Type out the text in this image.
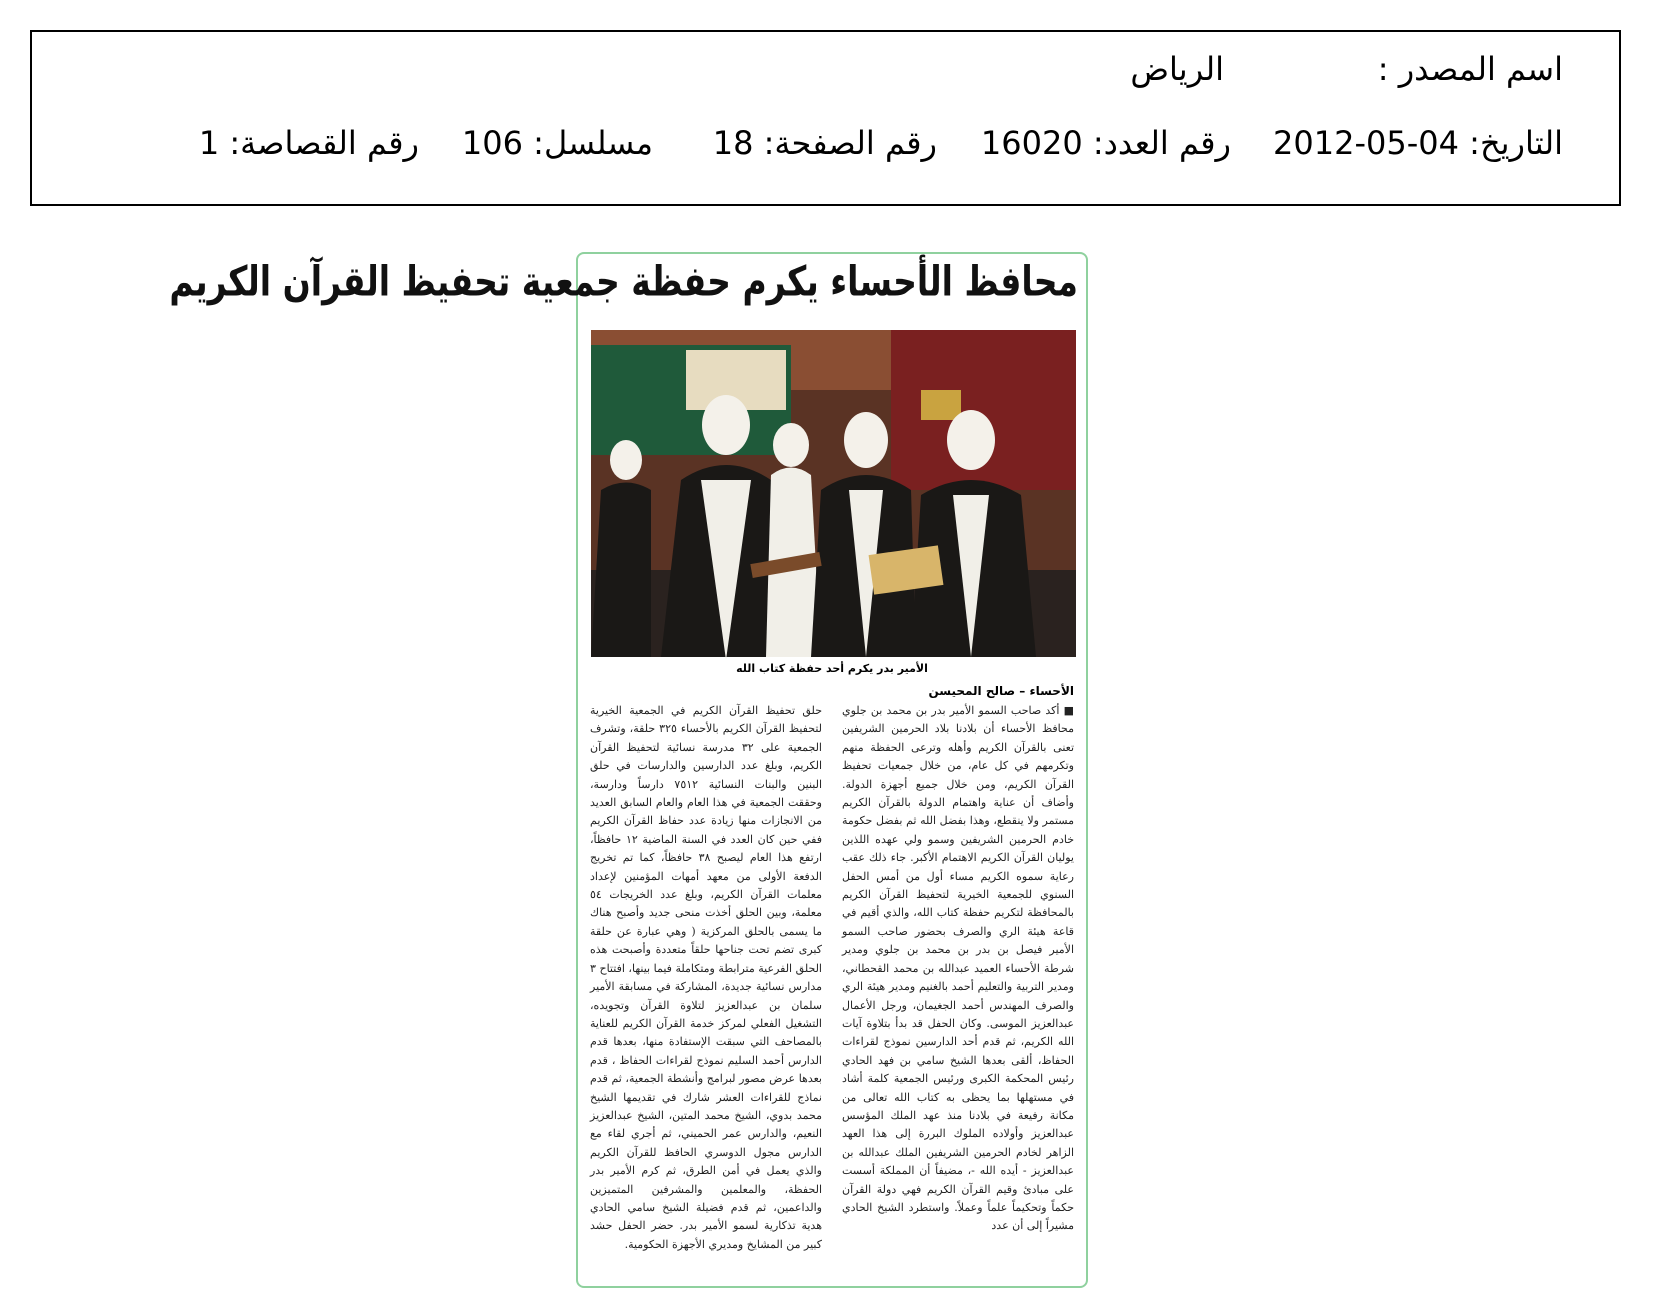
اسم المصدر :
الرياض
التاريخ: 04-05-2012
رقم العدد: 16020
رقم الصفحة: 18
مسلسل: 106
رقم القصاصة: 1
محافظ الأحساء يكرم حفظة جمعية تحفيظ القرآن الكريم
الأمير بدر يكرم أحد حفظة كتاب الله
الأحساء – صالح المحيسن

■ أكد صاحب السمو الأمير بدر بن محمد بن جلوي محافظ الأحساء أن بلادنا بلاد الحرمين الشريفين تعنى بالقرآن الكريم وأهله وترعى الحفظة منهم وتكرمهم في كل عام، من خلال جمعيات تحفيظ القرآن الكريم، ومن خلال جميع أجهزة الدولة. وأضاف أن عناية واهتمام الدولة بالقرآن الكريم مستمر ولا ينقطع، وهذا بفضل الله ثم بفضل حكومة خادم الحرمين الشريفين وسمو ولي عهده اللذين يوليان القرآن الكريم الاهتمام الأكبر. جاء ذلك عقب رعاية سموه الكريم مساء أول من أمس الحفل السنوي للجمعية الخيرية لتحفيظ القرآن الكريم بالمحافظة لتكريم حفظة كتاب الله، والذي أقيم في قاعة هيئة الري والصرف بحضور صاحب السمو الأمير فيصل بن بدر بن محمد بن جلوي ومدير شرطة الأحساء العميد عبدالله بن محمد القحطاني، ومدير التربية والتعليم أحمد بالغنيم ومدير هيئة الري والصرف المهندس أحمد الجغيمان، ورجل الأعمال عبدالعزيز الموسى. وكان الحفل قد بدأ بتلاوة آيات الله الكريم، ثم قدم أحد الدارسين نموذج لقراءات الحفاظ، ألقى بعدها الشيخ سامي بن فهد الحادي رئيس المحكمة الكبرى ورئيس الجمعية كلمة أشاد في مستهلها بما يحظى به كتاب الله تعالى من مكانة رفيعة في بلادنا منذ عهد الملك المؤسس عبدالعزيز وأولاده الملوك البررة إلى هذا العهد الزاهر لخادم الحرمين الشريفين الملك عبدالله بن عبدالعزيز - أيده الله -، مضيفاً أن المملكة أسست على مبادئ وقيم القرآن الكريم فهي دولة القرآن حكماً وتحكيماً علماً وعملاً. واستطرد الشيخ الحادي مشيراً إلى أن عدد

حلق تحفيظ القرآن الكريم في الجمعية الخيرية لتحفيظ القرآن الكريم بالأحساء ٣٢٥ حلقة، وتشرف الجمعية على ٣٢ مدرسة نسائية لتحفيظ القرآن الكريم، وبلغ عدد الدارسين والدارسات في حلق البنين والبنات النسائية ٧٥١٢ دارساً ودارسة، وحققت الجمعية في هذا العام والعام السابق العديد من الانجازات منها زيادة عدد حفاظ القرآن الكريم ففي حين كان العدد في السنة الماضية ١٢ حافظاً، ارتفع هذا العام ليصبح ٣٨ حافظاً، كما تم تخريج الدفعة الأولى من معهد أمهات المؤمنين لإعداد معلمات القرآن الكريم، وبلغ عدد الخريجات ٥٤ معلمة، وبين الحلق أخذت منحى جديد وأصبح هناك ما يسمى بالحلق المركزية ( وهي عبارة عن حلقة كبرى تضم تحت جناحها حلقاً متعددة وأصبحت هذه الحلق الفرعية مترابطة ومتكاملة فيما بينها، افتتاح ٣ مدارس نسائية جديدة، المشاركة في مسابقة الأمير سلمان بن عبدالعزيز لتلاوة القرآن وتجويده، التشغيل الفعلي لمركز خدمة القرآن الكريم للعناية بالمصاحف التي سبقت الإستفادة منها، بعدها قدم الدارس أحمد السليم نموذج لقراءات الحفاظ ، قدم بعدها عرض مصور لبرامج وأنشطة الجمعية، ثم قدم نماذج للقراءات العشر شارك في تقديمها الشيخ محمد بدوي، الشيخ محمد المتين، الشيخ عبدالعزيز النعيم، والدارس عمر الحميني، ثم أجري لقاء مع الدارس مجول الدوسري الحافظ للقرآن الكريم والذي يعمل في أمن الطرق، ثم كرم الأمير بدر الحفظة، والمعلمين والمشرفين المتميزين والداعمين، ثم قدم فضيلة الشيخ سامي الحادي هدية تذكارية لسمو الأمير بدر. حضر الحفل حشد كبير من المشايخ ومديري الأجهزة الحكومية.
